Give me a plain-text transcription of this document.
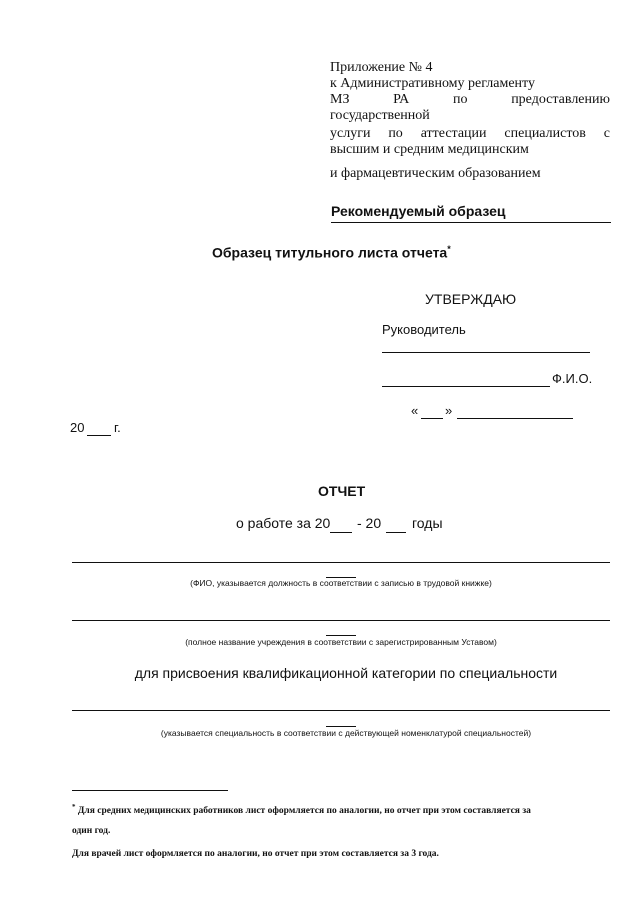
Приложение № 4
к Административному регламенту
МЗ	РА	по	предоставлению
государственной
услуги по аттестации специалистов с
высшим и средним медицинским
и фармацевтическим образованием
Рекомендуемый образец
Образец титульного листа отчета*
УТВЕРЖДАЮ
Руководитель
Ф.И.О.
« »
20 г.
ОТЧЕТ
о работе за 20 - 20 годы
(ФИО, указывается должность в соответствии с записью в трудовой книжке)
(полное название учреждения в соответствии с зарегистрированным Уставом)
для присвоения квалификационной категории по специальности
(указывается специальность в соответствии с действующей номенклатурой специальностей)
* Для средних медицинских работников лист оформляется по аналогии, но отчет при этом составляется за
один год.
Для врачей лист оформляется по аналогии, но отчет при этом составляется за 3 года.
